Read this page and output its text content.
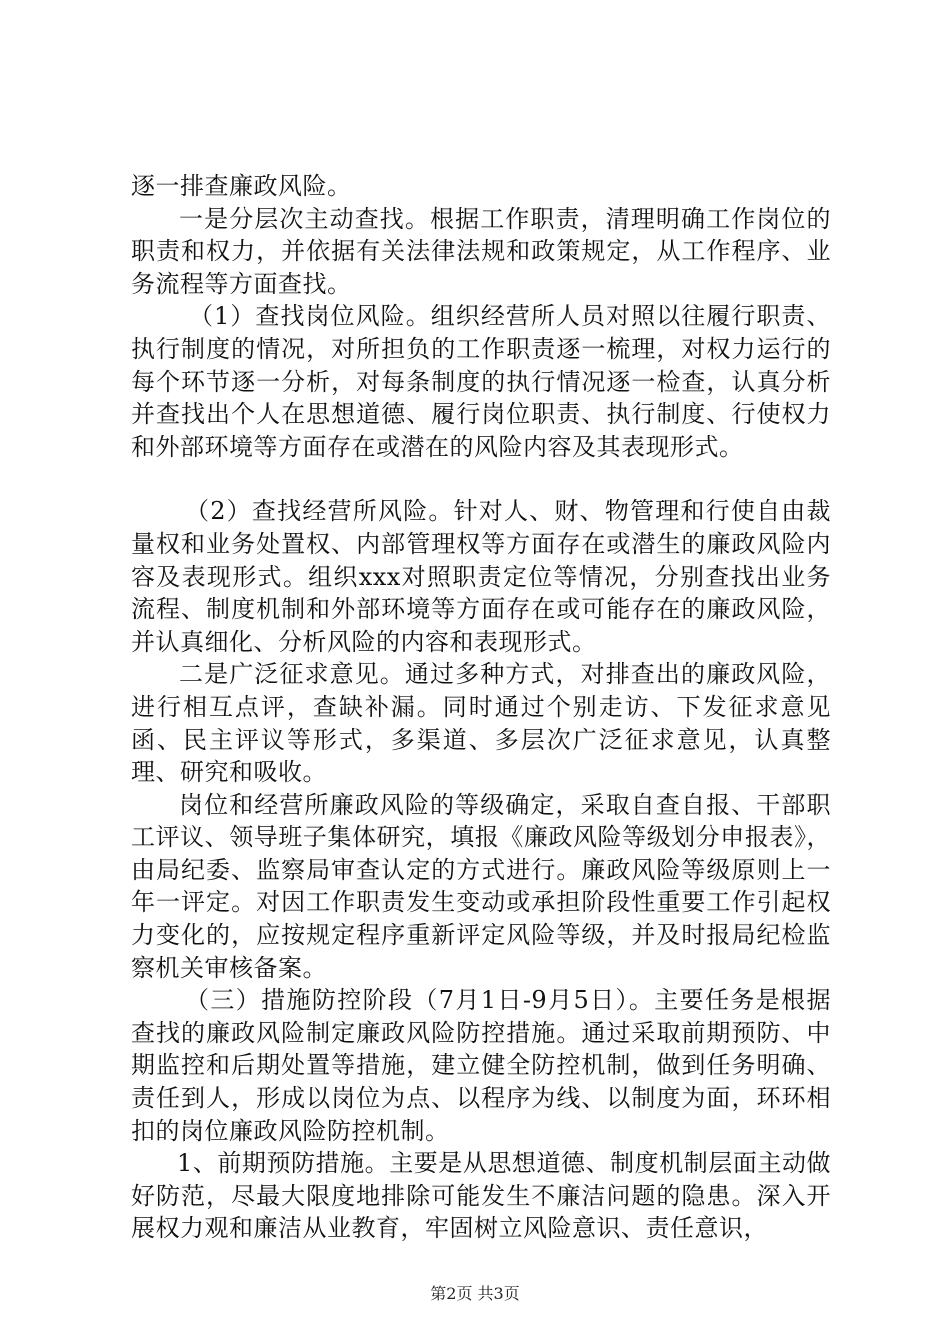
逐一排查廉政风险。

一是分层次主动查找。根据工作职责，清理明确工作岗位的职责和权力，并依据有关法律法规和政策规定，从工作程序、业务流程等方面查找。

（1）查找岗位风险。组织经营所人员对照以往履行职责、执行制度的情况，对所担负的工作职责逐一梳理，对权力运行的每个环节逐一分析，对每条制度的执行情况逐一检查，认真分析并查找出个人在思想道德、履行岗位职责、执行制度、行使权力和外部环境等方面存在或潜在的风险内容及其表现形式。

（2）查找经营所风险。针对人、财、物管理和行使自由裁量权和业务处置权、内部管理权等方面存在或潜生的廉政风险内容及表现形式。组织xxx对照职责定位等情况，分别查找出业务流程、制度机制和外部环境等方面存在或可能存在的廉政风险，并认真细化、分析风险的内容和表现形式。

二是广泛征求意见。通过多种方式，对排查出的廉政风险，进行相互点评，查缺补漏。同时通过个别走访、下发征求意见函、民主评议等形式，多渠道、多层次广泛征求意见，认真整理、研究和吸收。

岗位和经营所廉政风险的等级确定，采取自查自报、干部职工评议、领导班子集体研究，填报《廉政风险等级划分申报表》，由局纪委、监察局审查认定的方式进行。廉政风险等级原则上一年一评定。对因工作职责发生变动或承担阶段性重要工作引起权力变化的，应按规定程序重新评定风险等级，并及时报局纪检监察机关审核备案。

（三）措施防控阶段（7月1日-9月5日）。主要任务是根据查找的廉政风险制定廉政风险防控措施。通过采取前期预防、中期监控和后期处置等措施，建立健全防控机制，做到任务明确、责任到人，形成以岗位为点、以程序为线、以制度为面，环环相扣的岗位廉政风险防控机制。

1、前期预防措施。主要是从思想道德、制度机制层面主动做好防范，尽最大限度地排除可能发生不廉洁问题的隐患。深入开展权力观和廉洁从业教育，牢固树立风险意识、责任意识，

第2页 共3页
